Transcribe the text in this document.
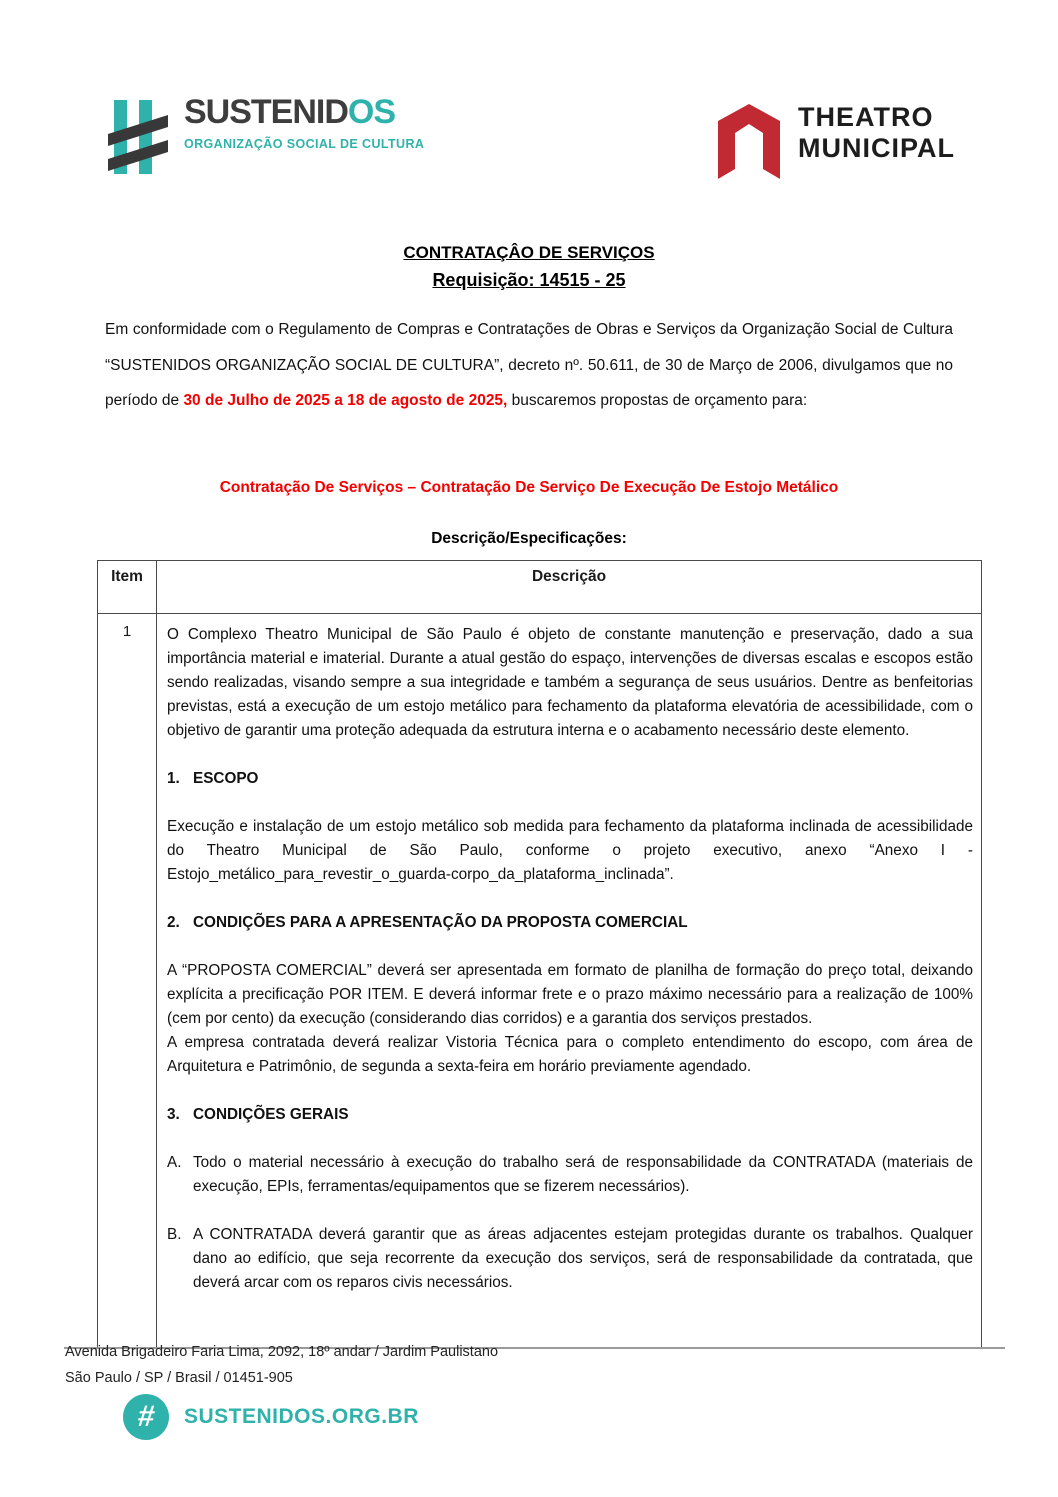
SUSTENIDOS
ORGANIZAÇÃO SOCIAL DE CULTURA
THEATRO
MUNICIPAL
CONTRATAÇÂO DE SERVIÇOS
Requisição: 14515 - 25
Em conformidade com o Regulamento de Compras e Contratações de Obras e Serviços da Organização Social de Cultura “SUSTENIDOS ORGANIZAÇÃO SOCIAL DE CULTURA”, decreto nº. 50.611, de 30 de Março de 2006, divulgamos que no período de 30 de Julho de 2025 a 18 de agosto de 2025, buscaremos propostas de orçamento para:
Contratação De Serviços – Contratação De Serviço De Execução De Estojo Metálico
Descrição/Especificações:
Item	Descrição
1	O Complexo Theatro Municipal de São Paulo é objeto de constante manutenção e preservação, dado a sua importância material e imaterial. Durante a atual gestão do espaço, intervenções de diversas escalas e escopos estão sendo realizadas, visando sempre a sua integridade e também a segurança de seus usuários. Dentre as benfeitorias previstas, está a execução de um estojo metálico para fechamento da plataforma elevatória de acessibilidade, com o objetivo de garantir uma proteção adequada da estrutura interna e o acabamento necessário deste elemento.

1. ESCOPO

Execução e instalação de um estojo metálico sob medida para fechamento da plataforma inclinada de acessibilidade do Theatro Municipal de São Paulo, conforme o projeto executivo, anexo “Anexo I - Estojo_metálico_para_revestir_o_guarda-corpo_da_plataforma_inclinada”.

2. CONDIÇÕES PARA A APRESENTAÇÃO DA PROPOSTA COMERCIAL

A “PROPOSTA COMERCIAL” deverá ser apresentada em formato de planilha de formação do preço total, deixando explícita a precificação POR ITEM. E deverá informar frete e o prazo máximo necessário para a realização de 100% (cem por cento) da execução (considerando dias corridos) e a garantia dos serviços prestados.
A empresa contratada deverá realizar Vistoria Técnica para o completo entendimento do escopo, com área de Arquitetura e Patrimônio, de segunda a sexta-feira em horário previamente agendado.

3. CONDIÇÕES GERAIS
A. Todo o material necessário à execução do trabalho será de responsabilidade da CONTRATADA (materiais de execução, EPIs, ferramentas/equipamentos que se fizerem necessários).
B. A CONTRATADA deverá garantir que as áreas adjacentes estejam protegidas durante os trabalhos. Qualquer dano ao edifício, que seja recorrente da execução dos serviços, será de responsabilidade da contratada, que deverá arcar com os reparos civis necessários.
Avenida Brigadeiro Faria Lima, 2092, 18º andar / Jardim Paulistano
São Paulo / SP / Brasil / 01451-905
# SUSTENIDOS.ORG.BR
